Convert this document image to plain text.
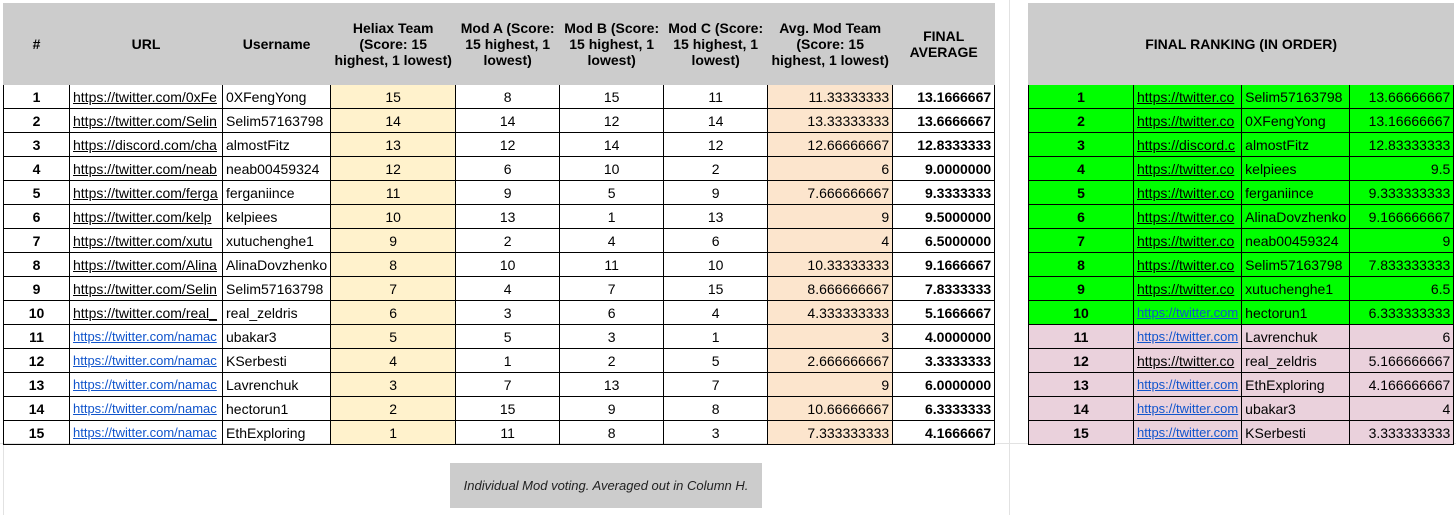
#	URL	Username	Heliax Team (Score: 15 highest, 1 lowest)	Mod A (Score: 15 highest, 1 lowest)	Mod B (Score: 15 highest, 1 lowest)	Mod C (Score: 15 highest, 1 lowest)	Avg. Mod Team (Score: 15 highest, 1 lowest)	FINAL AVERAGE
1	https://twitter.com/0xFe	0XFengYong	15	8	15	11	11.33333333	13.1666667
2	https://twitter.com/Selin	Selim57163798	14	14	12	14	13.33333333	13.6666667
3	https://discord.com/cha	almostFitz	13	12	14	12	12.66666667	12.8333333
4	https://twitter.com/neab	neab00459324	12	6	10	2	6	9.0000000
5	https://twitter.com/ferga	ferganiince	11	9	5	9	7.666666667	9.3333333
6	https://twitter.com/kelp	kelpiees	10	13	1	13	9	9.5000000
7	https://twitter.com/xutu	xutuchenghe1	9	2	4	6	4	6.5000000
8	https://twitter.com/Alina	AlinaDovzhenko	8	10	11	10	10.33333333	9.1666667
9	https://twitter.com/Selin	Selim57163798	7	4	7	15	8.666666667	7.8333333
10	https://twitter.com/real_	real_zeldris	6	3	6	4	4.333333333	5.1666667
11	https://twitter.com/namac	ubakar3	5	5	3	1	3	4.0000000
12	https://twitter.com/namac	KSerbesti	4	1	2	5	2.666666667	3.3333333
13	https://twitter.com/namac	Lavrenchuk	3	7	13	7	9	6.0000000
14	https://twitter.com/namac	hectorun1	2	15	9	8	10.66666667	6.3333333
15	https://twitter.com/namac	EthExploring	1	11	8	3	7.333333333	4.1666667
FINAL RANKING (IN ORDER)			
1	https://twitter.co	Selim57163798	13.66666667
2	https://twitter.co	0XFengYong	13.16666667
3	https://discord.c	almostFitz	12.83333333
4	https://twitter.co	kelpiees	9.5
5	https://twitter.co	ferganiince	9.333333333
6	https://twitter.co	AlinaDovzhenko	9.166666667
7	https://twitter.co	neab00459324	9
8	https://twitter.co	Selim57163798	7.833333333
9	https://twitter.co	xutuchenghe1	6.5
10	https://twitter.com	hectorun1	6.333333333
11	https://twitter.com	Lavrenchuk	6
12	https://twitter.co	real_zeldris	5.166666667
13	https://twitter.com	EthExploring	4.166666667
14	https://twitter.com	ubakar3	4
15	https://twitter.com	KSerbesti	3.333333333
Individual Mod voting. Averaged out in Column H.
